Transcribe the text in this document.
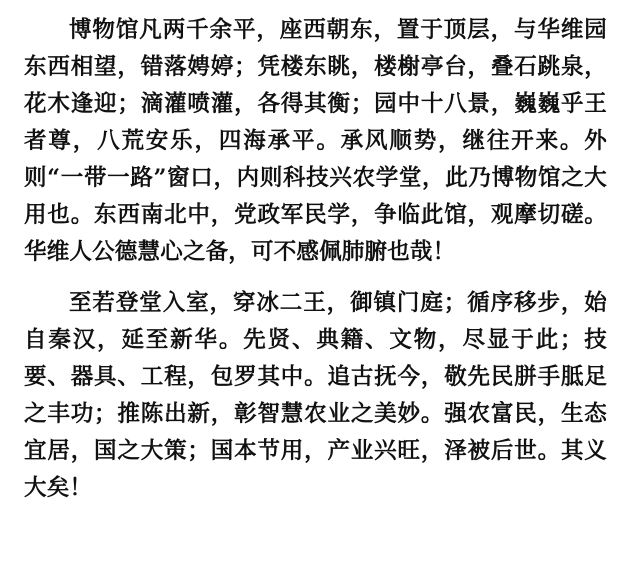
博物馆凡两千余平，座西朝东，置于顶层，与华维园东西相望，错落娉婷；凭楼东眺，楼榭亭台，叠石跳泉，花木逢迎；滴灌喷灌，各得其衡；园中十八景，巍巍乎王者尊，八荒安乐，四海承平。承风顺势，继往开来。外则“一带一路”窗口，内则科技兴农学堂，此乃博物馆之大用也。东西南北中，党政军民学，争临此馆，观摩切磋。华维人公德慧心之备，可不感佩肺腑也哉！

至若登堂入室，穿冰二王，御镇门庭；循序移步，始自秦汉，延至新华。先贤、典籍、文物，尽显于此；技要、器具、工程，包罗其中。追古抚今，敬先民胼手胝足之丰功；推陈出新，彰智慧农业之美妙。强农富民，生态宜居，国之大策；国本节用，产业兴旺，泽被后世。其义大矣！
